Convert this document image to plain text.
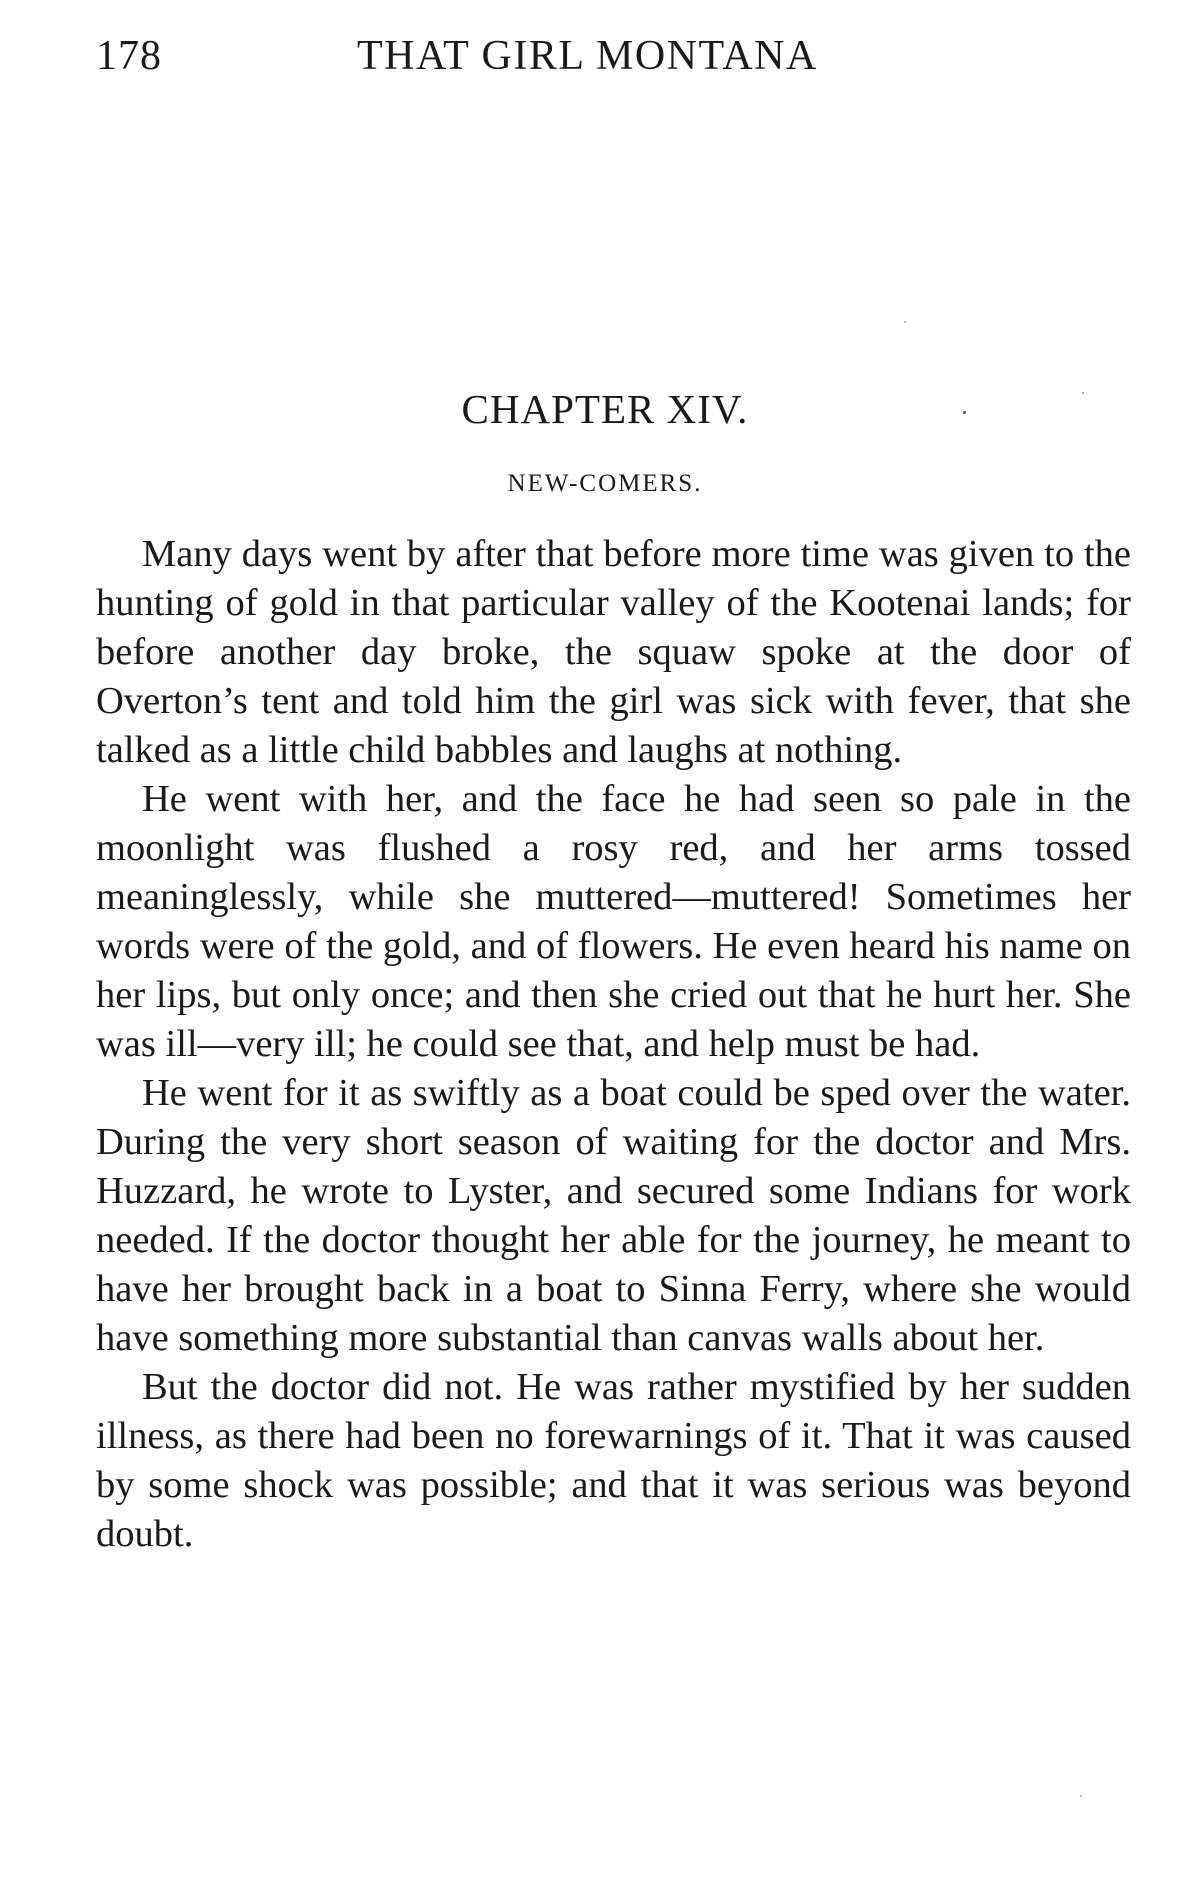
178	THAT GIRL MONTANA
CHAPTER XIV.
NEW-COMERS.

Many days went by after that before more time was given to the hunting of gold in that particular valley of the Kootenai lands; for before another day broke, the squaw spoke at the door of Overton’s tent and told him the girl was sick with fever, that she talked as a little child babbles and laughs at nothing.

He went with her, and the face he had seen so pale in the moonlight was flushed a rosy red, and her arms tossed meaninglessly, while she muttered—muttered! Sometimes her words were of the gold, and of flowers. He even heard his name on her lips, but only once; and then she cried out that he hurt her. She was ill—very ill; he could see that, and help must be had.

He went for it as swiftly as a boat could be sped over the water. During the very short season of waiting for the doctor and Mrs. Huzzard, he wrote to Lyster, and secured some Indians for work needed. If the doctor thought her able for the journey, he meant to have her brought back in a boat to Sinna Ferry, where she would have something more substantial than canvas walls about her.

But the doctor did not. He was rather mystified by her sudden illness, as there had been no forewarnings of it. That it was caused by some shock was possible; and that it was serious was beyond doubt.
